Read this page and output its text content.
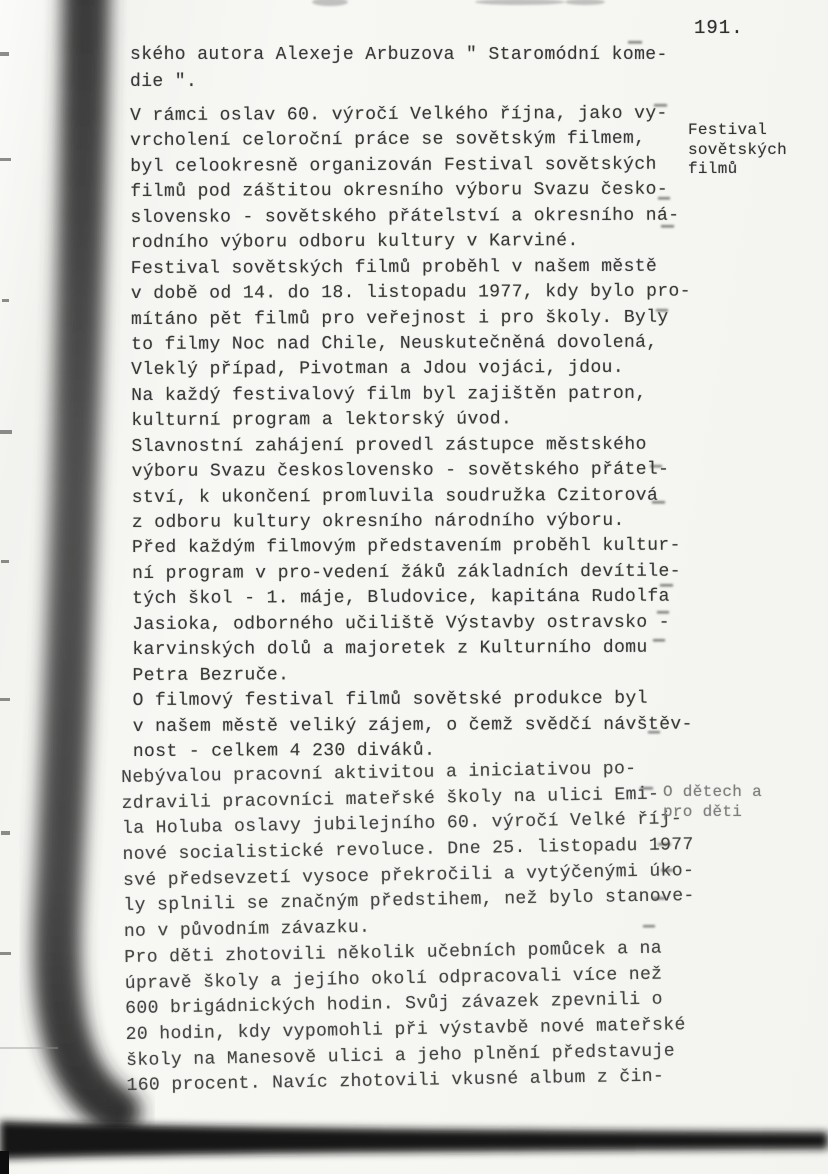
191.
ského autora Alexeje Arbuzova " Staromódní kome-
die ".
V rámci oslav 60. výročí Velkého října, jako vy-
vrcholení celoroční práce se sovětským filmem,
byl celookresně organizován Festival sovětských
filmů pod záštitou okresního výboru Svazu česko-
slovensko - sovětského přátelství a okresního ná-
rodního výboru odboru kultury v Karviné.
Festival sovětských filmů proběhl v našem městě
v době od 14. do 18. listopadu 1977, kdy bylo pro-
mítáno pět filmů pro veřejnost i pro školy. Byly
to filmy Noc nad Chile, Neuskutečněná dovolená,
Vleklý případ, Pivotman a Jdou vojáci, jdou.
Na každý festivalový film byl zajištěn patron,
kulturní program a lektorský úvod.
Slavnostní zahájení provedl zástupce městského
výboru Svazu československo - sovětského přátel-
ství, k ukončení promluvila soudružka Czitorová
z odboru kultury okresního národního výboru.
Před každým filmovým představením proběhl kultur-
ní program v pro-vedení žáků základních devítile-
tých škol - 1. máje, Bludovice, kapitána Rudolfa
Jasioka, odborného učiliště Výstavby ostravsko -
karvinských dolů a majoretek z Kulturního domu
Petra Bezruče.
O filmový festival filmů sovětské produkce byl
v našem městě veliký zájem, o čemž svědčí návštěv-
nost - celkem 4 230 diváků.
Nebývalou pracovní aktivitou a iniciativou po-
zdravili pracovníci mateřské školy na ulici Emi-
la Holuba oslavy jubilejního 60. výročí Velké říj-
nové socialistické revoluce. Dne 25. listopadu 1977
své předsevzetí vysoce překročili a vytýčenými úko-
ly splnili se značným předstihem, než bylo stanove-
no v původním závazku.
Pro děti zhotovili několik učebních pomůcek a na
úpravě školy a jejího okolí odpracovali více než
600 brigádnických hodin. Svůj závazek zpevnili o
20 hodin, kdy vypomohli při výstavbě nové mateřské
školy na Manesově ulici a jeho plnění představuje
160 procent. Navíc zhotovili vkusné album z čin-
Festival
sovětských
filmů
O dětech a
pro děti
